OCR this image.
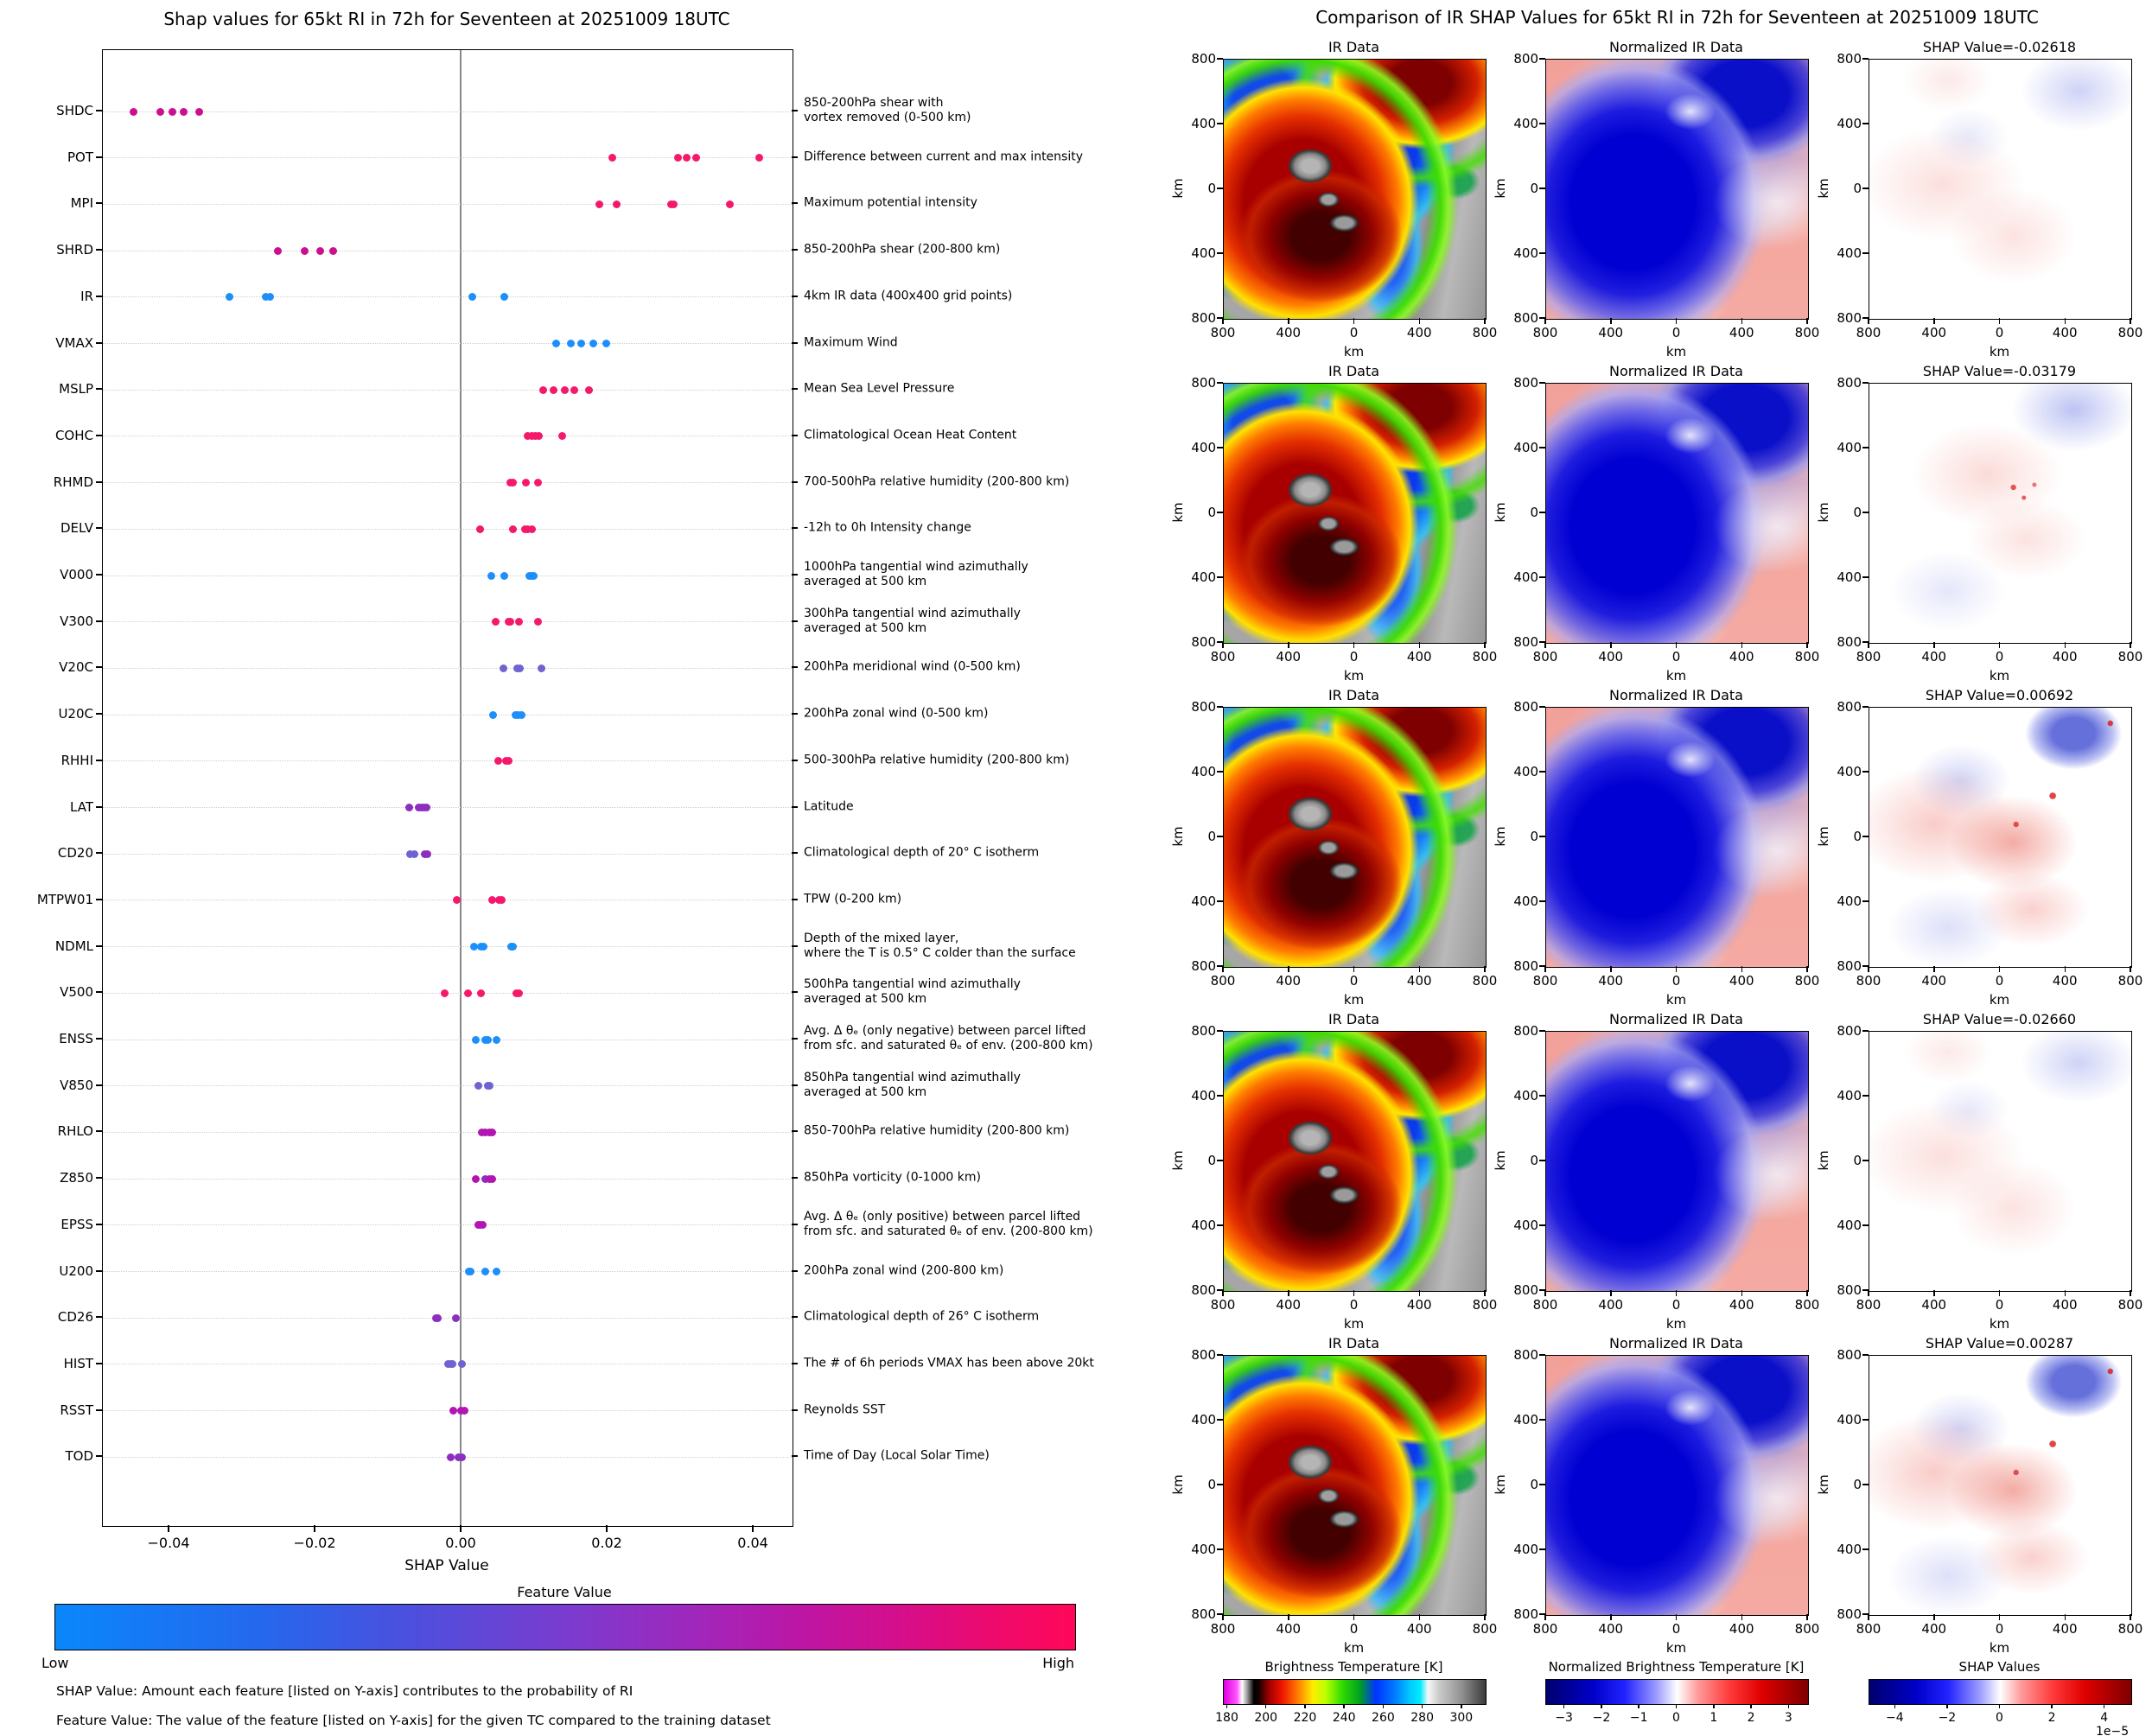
Shap values for 65kt RI in 72h for Seventeen at 20251009 18UTC	Comparison of IR SHAP Values for 65kt RI in 72h for Seventeen at 20251009 18UTC
SHDC	850-200hPa shear with
vortex removed (0-500 km)
POT	Difference between current and max intensity
MPI	Maximum potential intensity
SHRD	850-200hPa shear (200-800 km)
IR	4km IR data (400x400 grid points)
VMAX	Maximum Wind
MSLP	Mean Sea Level Pressure
COHC	Climatological Ocean Heat Content
RHMD	700-500hPa relative humidity (200-800 km)
DELV	-12h to 0h Intensity change
V000	1000hPa tangential wind azimuthally
averaged at 500 km
V300	300hPa tangential wind azimuthally
averaged at 500 km
V20C	200hPa meridional wind (0-500 km)
U20C	200hPa zonal wind (0-500 km)
RHHI	500-300hPa relative humidity (200-800 km)
LAT	Latitude
CD20	Climatological depth of 20° C isotherm
MTPW01	TPW (0-200 km)
NDML	Depth of the mixed layer,
where the T is 0.5° C colder than the surface
V500	500hPa tangential wind azimuthally
averaged at 500 km
ENSS	Avg. Δ θₑ (only negative) between parcel lifted
from sfc. and saturated θₑ of env. (200-800 km)
V850	850hPa tangential wind azimuthally
averaged at 500 km
RHLO	850-700hPa relative humidity (200-800 km)
Z850	850hPa vorticity (0-1000 km)
EPSS	Avg. Δ θₑ (only positive) between parcel lifted
from sfc. and saturated θₑ of env. (200-800 km)
U200	200hPa zonal wind (200-800 km)
CD26	Climatological depth of 26° C isotherm
HIST	The # of 6h periods VMAX has been above 20kt
RSST	Reynolds SST
TOD	Time of Day (Local Solar Time)
−0.04	−0.02	0.00	0.02	0.04
SHAP Value
Feature Value
Low	High
SHAP Value: Amount each feature [listed on Y-axis] contributes to the probability of RI
Feature Value: The value of the feature [listed on Y-axis] for the given TC compared to the training dataset
IR Data
800
400
0
400
800
800	400	0	400	800
km
km
Normalized IR Data
800
400
0
400
800
800	400	0	400	800
km
km
SHAP Value=-0.02618
800
400
0
400
800
800	400	0	400	800
km
km
IR Data
800
400
0
400
800
800	400	0	400	800
km
km
Normalized IR Data
800
400
0
400
800
800	400	0	400	800
km
km
SHAP Value=-0.03179
800
400
0
400
800
800	400	0	400	800
km
km
IR Data
800
400
0
400
800
800	400	0	400	800
km
km
Normalized IR Data
800
400
0
400
800
800	400	0	400	800
km
km
SHAP Value=0.00692
800
400
0
400
800
800	400	0	400	800
km
km
IR Data
800
400
0
400
800
800	400	0	400	800
km
km
Normalized IR Data
800
400
0
400
800
800	400	0	400	800
km
km
SHAP Value=-0.02660
800
400
0
400
800
800	400	0	400	800
km
km
IR Data
800
400
0
400
800
800	400	0	400	800
km
km
Normalized IR Data
800
400
0
400
800
800	400	0	400	800
km
km
SHAP Value=0.00287
800
400
0
400
800
800	400	0	400	800
km
km
Brightness Temperature [K]
180 200 220 240 260 280 300
Normalized Brightness Temperature [K]
−3 −2 −1 0 1 2 3
SHAP Values
−4	−2	0	2	4
1e−5
